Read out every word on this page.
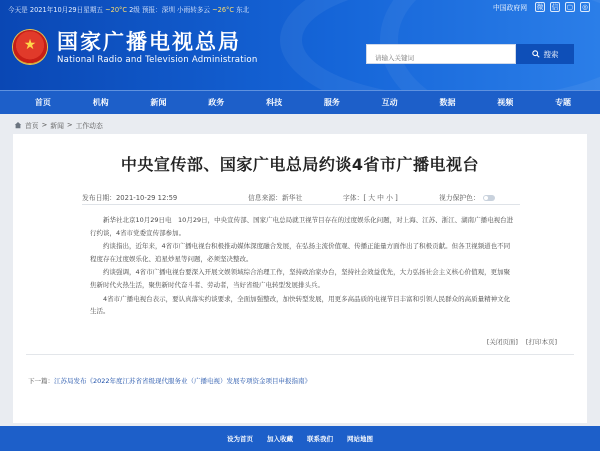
今天是 2021年10月29日星期五 ~20°C 2级 预报：深圳 小雨转多云 ~26°C 东北	中国政府网 微 信 ▢	◎
★
国家广播电视总局
National Radio and Television Administration
请输入关键词
搜索
首页	机构	新闻	政务	科技	服务	互动	数据	视频	专题
首页 > 新闻 > 工作动态
中央宣传部、国家广电总局约谈4省市广播电视台
发布日期：2021-10-29 12:59	信息来源：新华社	字体：[ 大 中 小 ]	视力保护色：

新华社北京10月29日电　10月29日，中央宣传部、国家广电总局就卫视节目存在的过度娱乐化问题，对上海、江苏、浙江、湖南广播电视台进行约谈，4省市党委宣传部参加。

约谈指出，近年来，4省市广播电视台积极推动媒体深度融合发展，在弘扬主流价值观、传播正能量方面作出了积极贡献。但各卫视频道也不同程度存在过度娱乐化、追星炒星等问题，必须坚决整改。

约谈强调，4省市广播电视台要深入开展文娱领域综合治理工作，坚持政治家办台，坚持社会效益优先，大力弘扬社会主义核心价值观，更加聚焦新时代火热生活，聚焦新时代奋斗者、劳动者，当好省级广电转型发展排头兵。

4省市广播电视台表示，要认真落实约谈要求，全面加强整改，加快转型发展，用更多高品质的电视节目丰富和引领人民群众的高质量精神文化生活。

[关闭页面] [打印本页]
下一篇：江苏局发布《2022年度江苏省省级现代服务业（广播电视）发展专项资金项目申报指南》
设为首页 加入收藏 联系我们 网站地图
